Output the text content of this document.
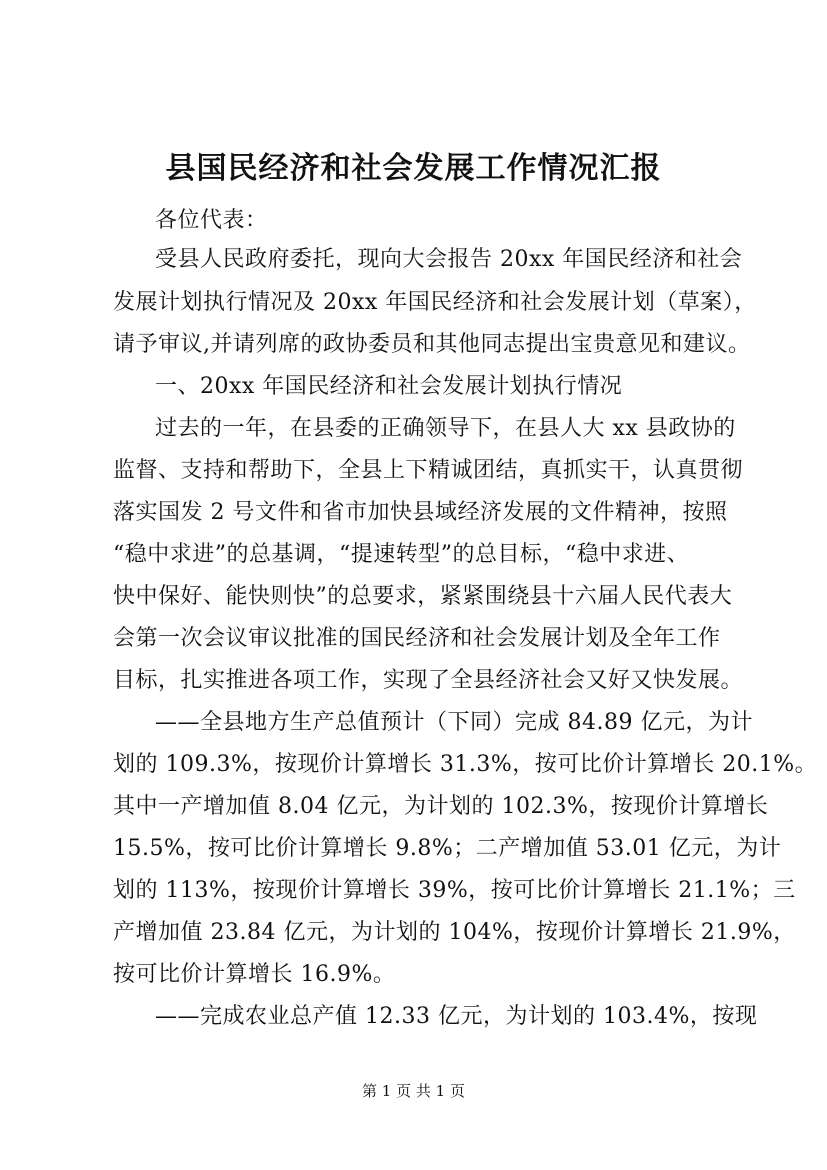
县国民经济和社会发展工作情况汇报
各位代表：
受县人民政府委托，现向大会报告 20xx 年国民经济和社会
发展计划执行情况及 20xx 年国民经济和社会发展计划（草案），
请予审议,并请列席的政协委员和其他同志提出宝贵意见和建议。
一、20xx 年国民经济和社会发展计划执行情况
过去的一年，在县委的正确领导下，在县人大 xx 县政协的
监督、支持和帮助下，全县上下精诚团结，真抓实干，认真贯彻
落实国发 2 号文件和省市加快县域经济发展的文件精神，按照
“稳中求进”的总基调，“提速转型”的总目标，“稳中求进、
快中保好、能快则快”的总要求，紧紧围绕县十六届人民代表大
会第一次会议审议批准的国民经济和社会发展计划及全年工作
目标，扎实推进各项工作，实现了全县经济社会又好又快发展。
——全县地方生产总值预计（下同）完成 84.89 亿元，为计
划的 109.3%，按现价计算增长 31.3%，按可比价计算增长 20.1%。
其中一产增加值 8.04 亿元，为计划的 102.3%，按现价计算增长
15.5%，按可比价计算增长 9.8%；二产增加值 53.01 亿元，为计
划的 113%，按现价计算增长 39%，按可比价计算增长 21.1%；三
产增加值 23.84 亿元，为计划的 104%，按现价计算增长 21.9%，
按可比价计算增长 16.9%。
——完成农业总产值 12.33 亿元，为计划的 103.4%，按现
第 1 页 共 1 页
